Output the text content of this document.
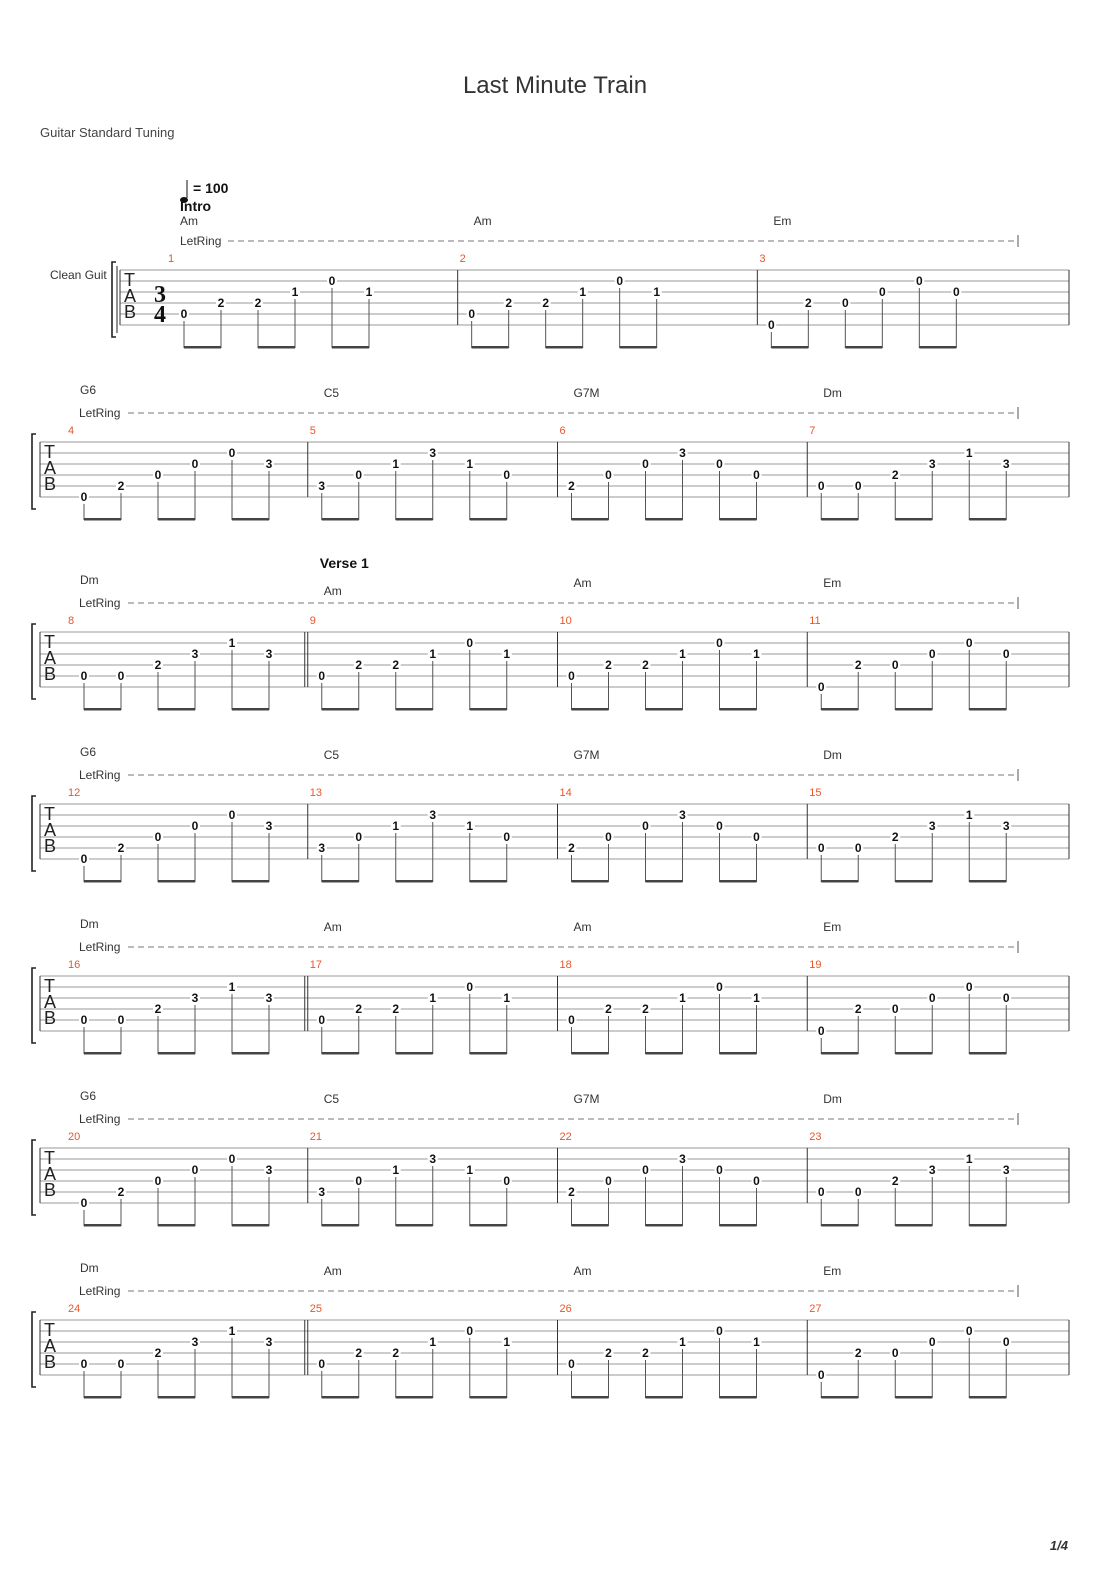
Last Minute Train
Guitar Standard Tuning
Clean Guit T
A
B
3
4
= 100
LetRing
1
Am
Intro
0
2	2
1
0
1
2
Am
0
2	2
1
0
1
3
Em
0
2	0
0
0
0
T
A
B
LetRing
4
G6
0
2
0
0
0
3
5
C5
3
0
1
3
1
0
6
G7M
2
0
0
3
0
0
7
Dm
0	0
2
3
1
3
T
A
B
LetRing
8
Dm
0	0
2
3
1
3
9
Am
Verse 1
0
2	2
1
0
1
10
Am
0
2	2
1
0
1
11
Em
0
2	0
0
0
0
T
A
B
LetRing
12
G6
0
2
0
0
0
3
13
C5
3
0
1
3
1
0
14
G7M
2
0
0
3
0
0
15
Dm
0	0
2
3
1
3
T
A
B
LetRing
16
Dm
0	0
2
3
1
3
17
Am
0
2	2
1
0
1
18
Am
0
2	2
1
0
1
19
Em
0
2	0
0
0
0
T
A
B
LetRing
20
G6
0
2
0
0
0
3
21
C5
3
0
1
3
1
0
22
G7M
2
0
0
3
0
0
23
Dm
0	0
2
3
1
3
T
A
B
LetRing
24
Dm
0	0
2
3
1
3
25
Am
0
2	2
1
0
1
26
Am
0
2	2
1
0
1
27
Em
0
2	0
0
0
0
1/4
